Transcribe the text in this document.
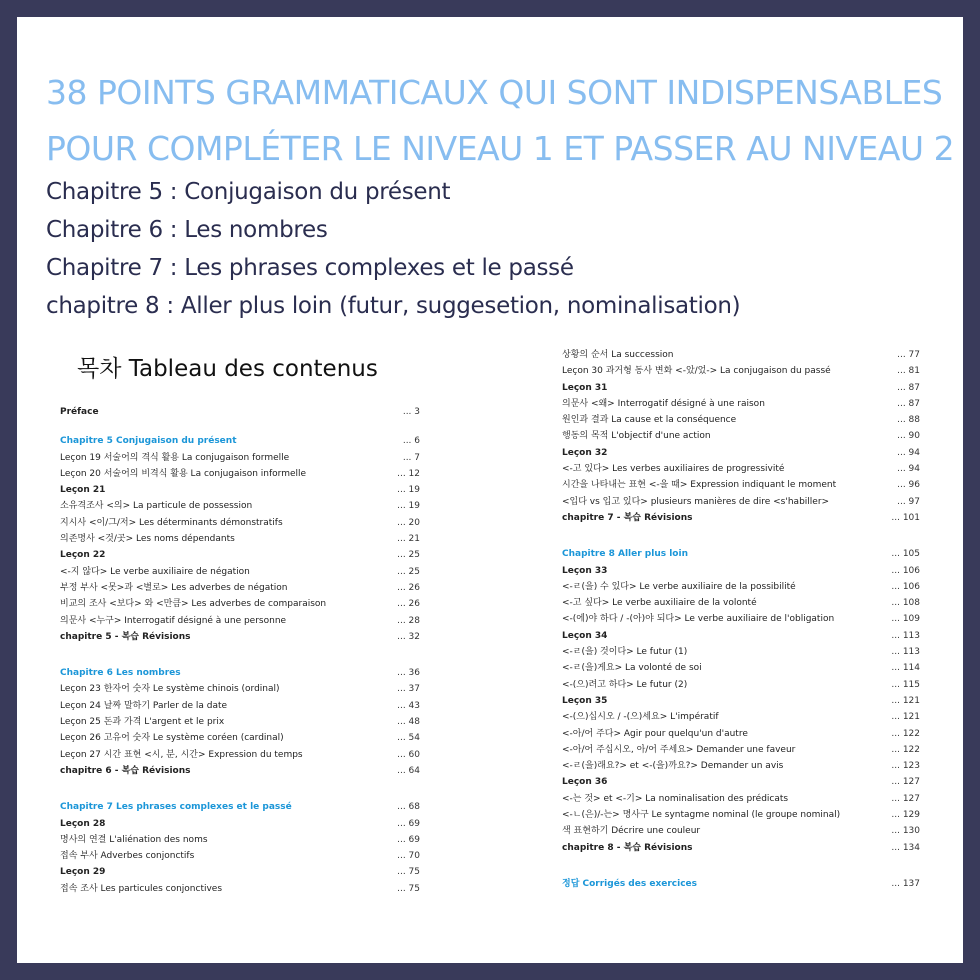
38 POINTS GRAMMATICAUX QUI SONT INDISPENSABLES
POUR COMPLÉTER LE NIVEAU 1 ET PASSER AU NIVEAU 2
Chapitre 5 : Conjugaison du présent
Chapitre 6 : Les nombres
Chapitre 7 : Les phrases complexes et le passé
chapitre 8 : Aller plus loin (futur, suggesetion, nominalisation)
목차 Tableau des contenus
Préface	... 3
Chapitre 5 Conjugaison du présent	... 6
Leçon 19 서술어의 격식 활용 La conjugaison formelle	... 7
Leçon 20 서술어의 비격식 활용 La conjugaison informelle	... 12
Leçon 21	... 19
소유격조사 <의> La particule de possession	... 19
지시사 <이/그/저> Les déterminants démonstratifs	... 20
의존명사 <것/곳> Les noms dépendants	... 21
Leçon 22	... 25
<-지 않다> Le verbe auxiliaire de négation	... 25
부정 부사 <못>과 <별로> Les adverbes de négation	... 26
비교의 조사 <보다> 와 <만큼> Les adverbes de comparaison	... 26
의문사 <누구> Interrogatif désigné à une personne	... 28
chapitre 5 - 복습 Révisions	... 32
Chapitre 6 Les nombres	... 36
Leçon 23 한자어 숫자 Le système chinois (ordinal)	... 37
Leçon 24 날짜 말하기 Parler de la date	... 43
Leçon 25 돈과 가격 L'argent et le prix	... 48
Leçon 26 고유어 숫자 Le système coréen (cardinal)	... 54
Leçon 27 시간 표현 <시, 분, 시간> Expression du temps	... 60
chapitre 6 - 복습 Révisions	... 64
Chapitre 7 Les phrases complexes et le passé	... 68
Leçon 28	... 69
명사의 연결 L'aliénation des noms	... 69
접속 부사 Adverbes conjonctifs	... 70
Leçon 29	... 75
접속 조사 Les particules conjonctives	... 75
상황의 순서 La succession	... 77
Leçon 30 과거형 동사 변화 <-았/었-> La conjugaison du passé	... 81
Leçon 31	... 87
의문사 <왜> Interrogatif désigné à une raison	... 87
원인과 결과 La cause et la conséquence	... 88
행동의 목적 L'objectif d'une action	... 90
Leçon 32	... 94
<-고 있다> Les verbes auxiliaires de progressivité	... 94
시간을 나타내는 표현 <-을 때> Expression indiquant le moment	... 96
<입다 vs 입고 있다> plusieurs manières de dire <s'habiller>	... 97
chapitre 7 - 복습 Révisions	... 101
Chapitre 8 Aller plus loin	... 105
Leçon 33	... 106
<-ㄹ(을) 수 있다> Le verbe auxiliaire de la possibilité	... 106
<-고 싶다> Le verbe auxiliaire de la volonté	... 108
<-(에)야 하다 / -(아)야 되다> Le verbe auxiliaire de l'obligation	... 109
Leçon 34	... 113
<-ㄹ(을) 것이다> Le futur (1)	... 113
<-ㄹ(을)게요> La volonté de soi	... 114
<-(으)려고 하다> Le futur (2)	... 115
Leçon 35	... 121
<-(으)십시오 / -(으)세요> L'impératif	... 121
<-아/어 주다> Agir pour quelqu'un d'autre	... 122
<-아/어 주십시오, 아/어 주세요> Demander une faveur	... 122
<-ㄹ(을)래요?> et <-(을)까요?> Demander un avis	... 123
Leçon 36	... 127
<-는 것> et <-기> La nominalisation des prédicats	... 127
<-ㄴ(은)/-는> 명사구 Le syntagme nominal (le groupe nominal)	... 129
색 표현하기 Décrire une couleur	... 130
chapitre 8 - 복습 Révisions	... 134
정답 Corrigés des exercices	... 137
